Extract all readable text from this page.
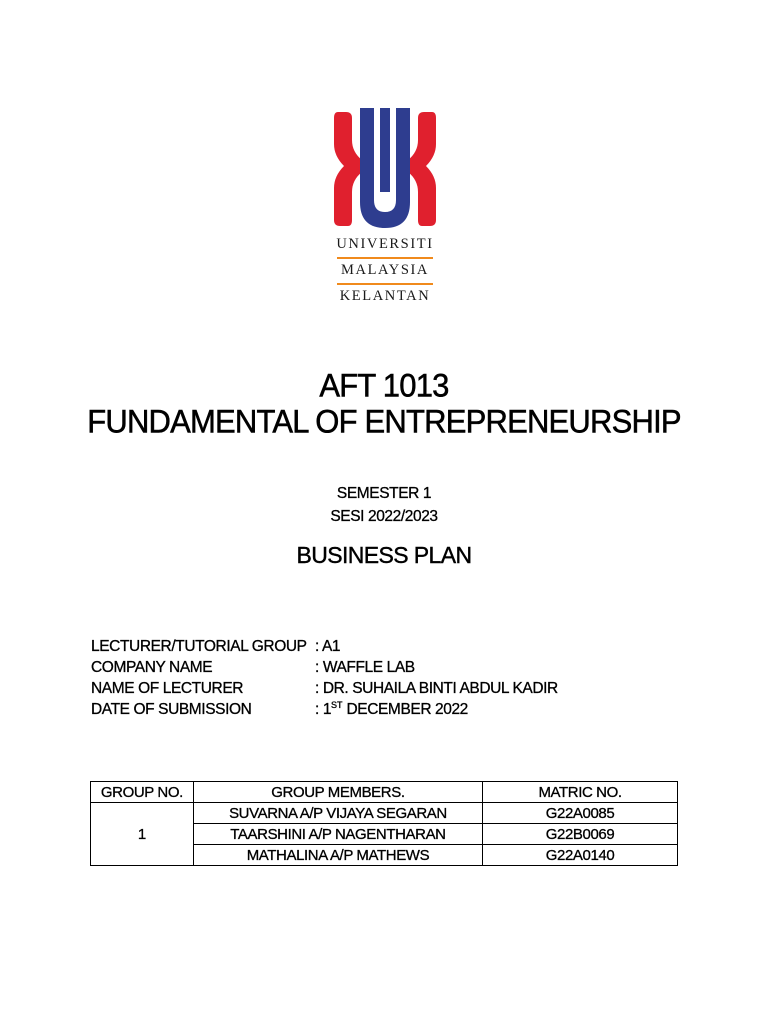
UNIVERSITI
MALAYSIA
KELANTAN
AFT 1013
FUNDAMENTAL OF ENTREPRENEURSHIP
SEMESTER 1
SESI 2022/2023
BUSINESS PLAN
LECTURER/TUTORIAL GROUP : A1
COMPANY NAME	: WAFFLE LAB
NAME OF LECTURER	: DR. SUHAILA BINTI ABDUL KADIR
DATE OF SUBMISSION	: 1ST DECEMBER 2022
GROUP NO.	GROUP MEMBERS.	MATRIC NO.
1	SUVARNA A/P VIJAYA SEGARAN	G22A0085
	TAARSHINI A/P NAGENTHARAN	G22B0069
	MATHALINA A/P MATHEWS	G22A0140
